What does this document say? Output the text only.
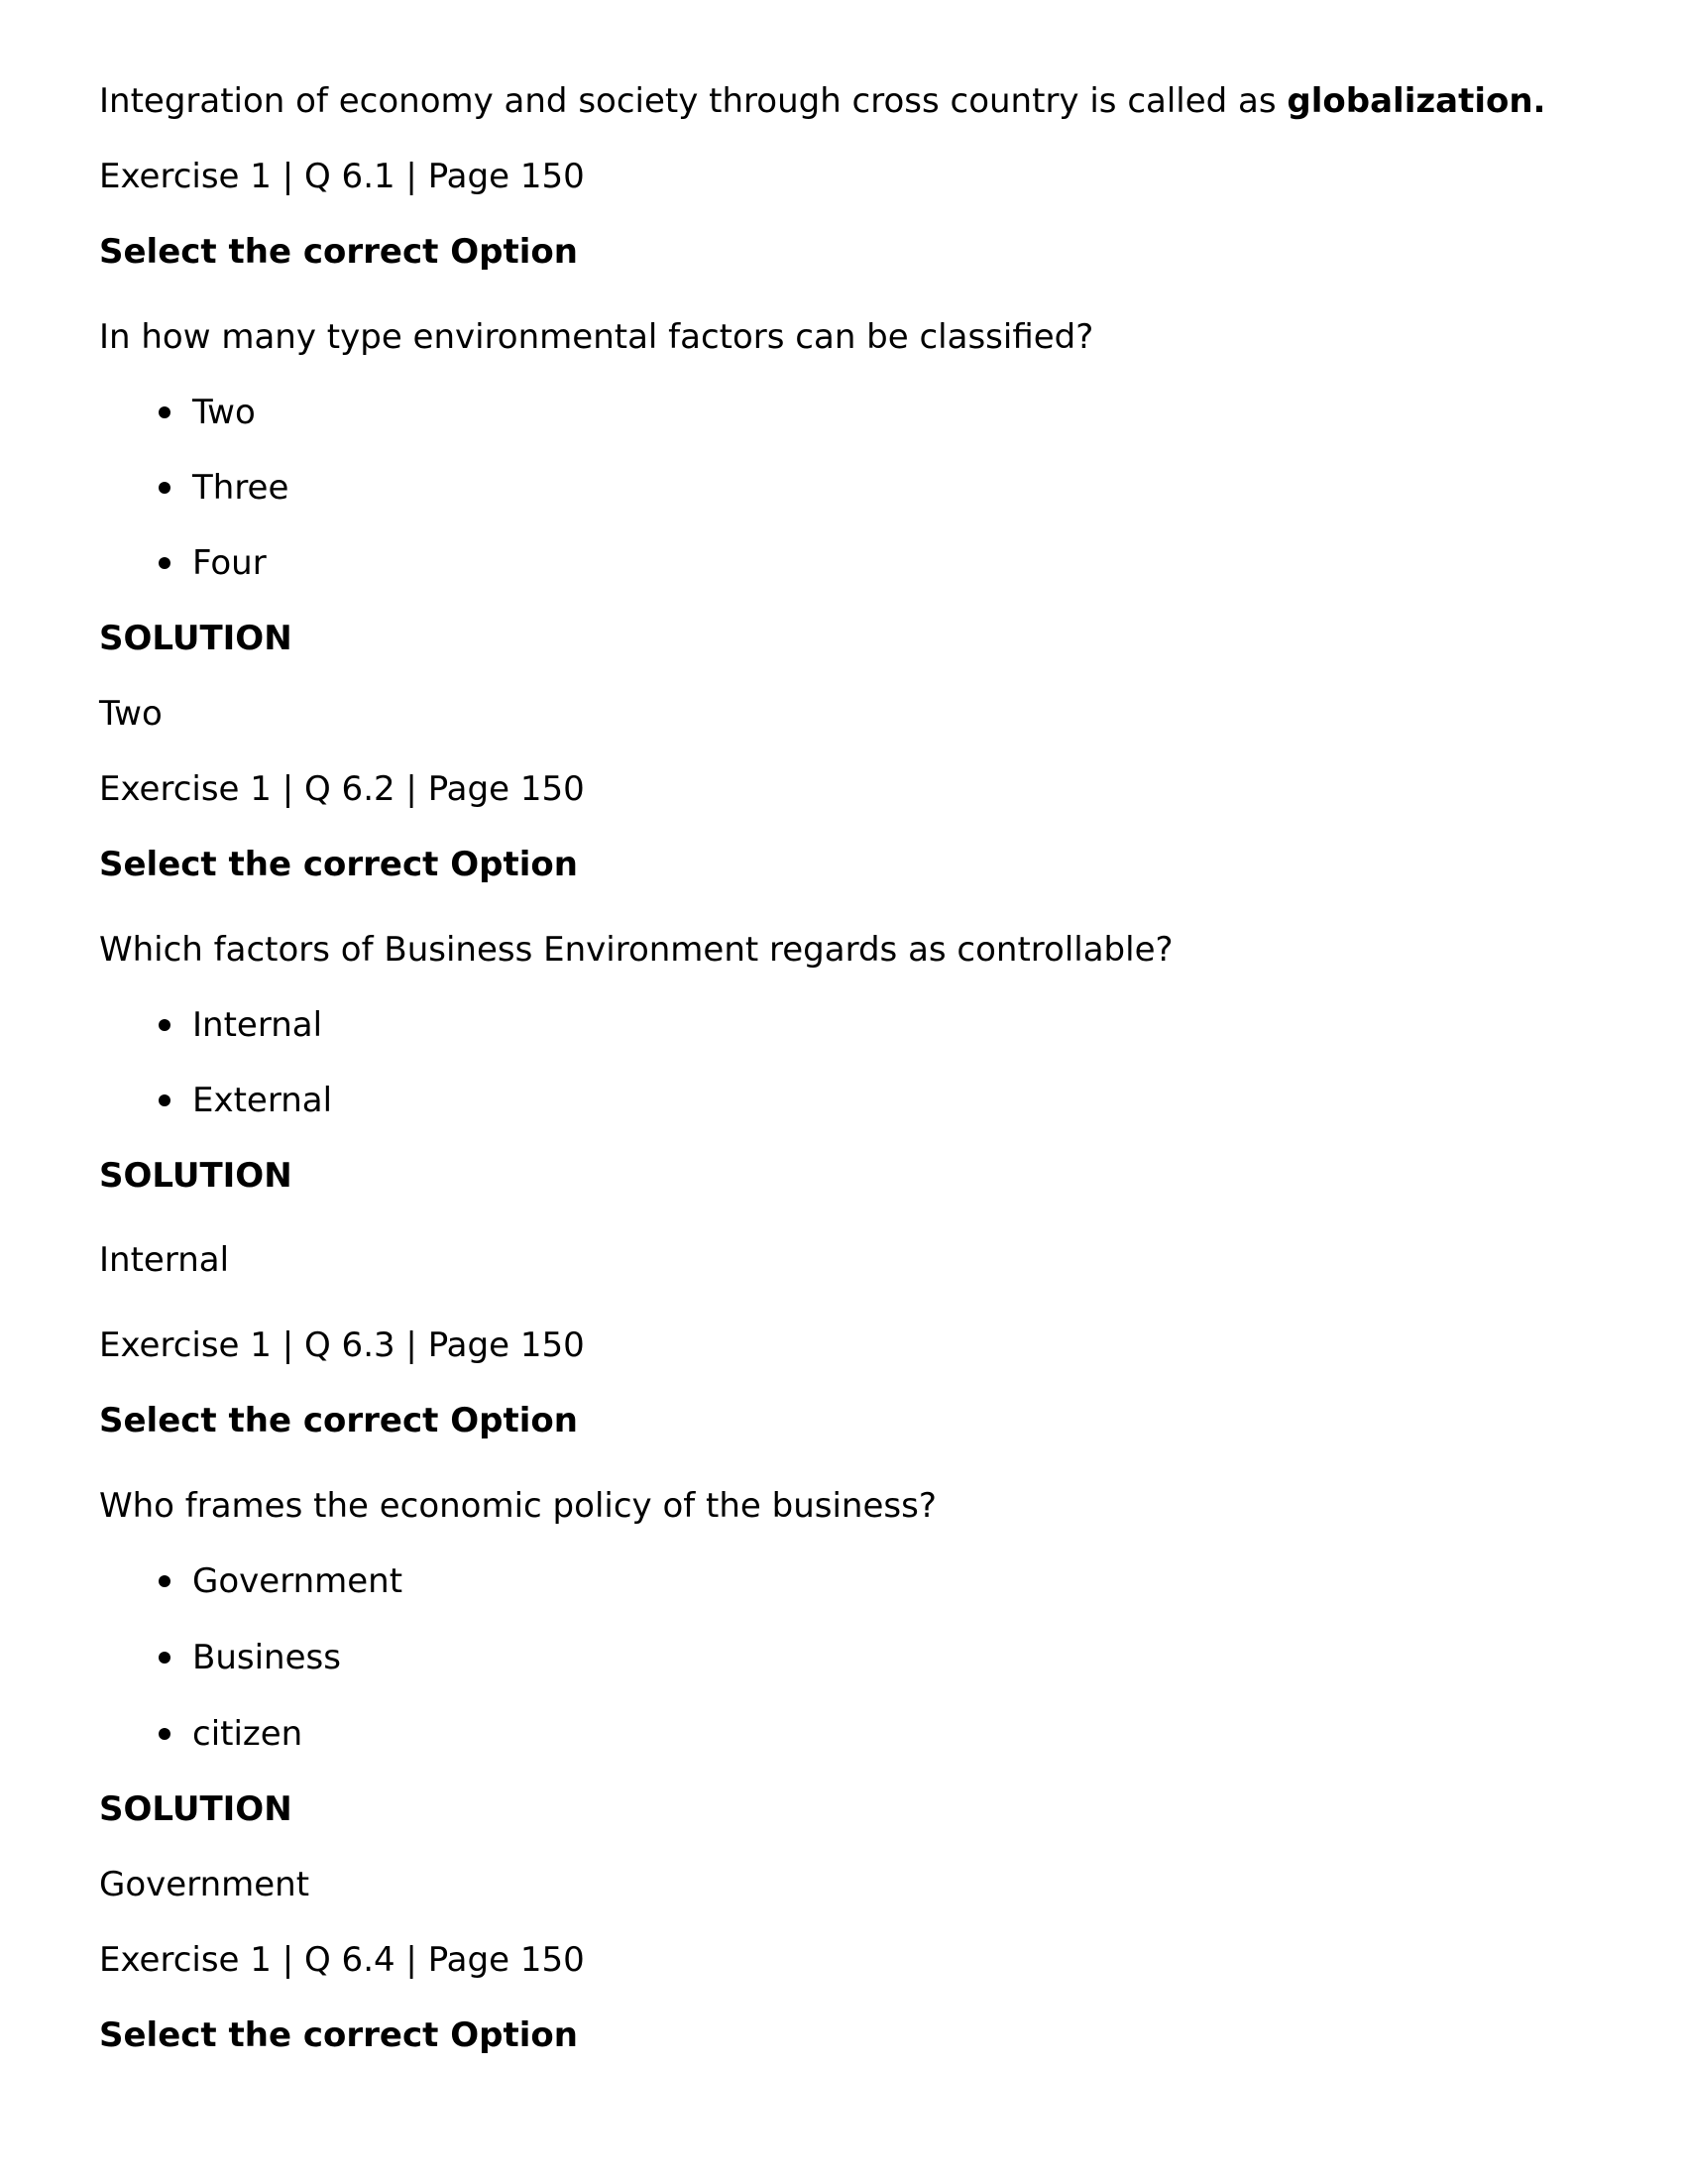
Integration of economy and society through cross country is called as globalization.
Exercise 1 | Q 6.1 | Page 150
Select the correct Option
In how many type environmental factors can be classified?
Two
Three
Four
SOLUTION
Two
Exercise 1 | Q 6.2 | Page 150
Select the correct Option
Which factors of Business Environment regards as controllable?
Internal
External
SOLUTION
Internal
Exercise 1 | Q 6.3 | Page 150
Select the correct Option
Who frames the economic policy of the business?
Government
Business
citizen
SOLUTION
Government
Exercise 1 | Q 6.4 | Page 150
Select the correct Option
